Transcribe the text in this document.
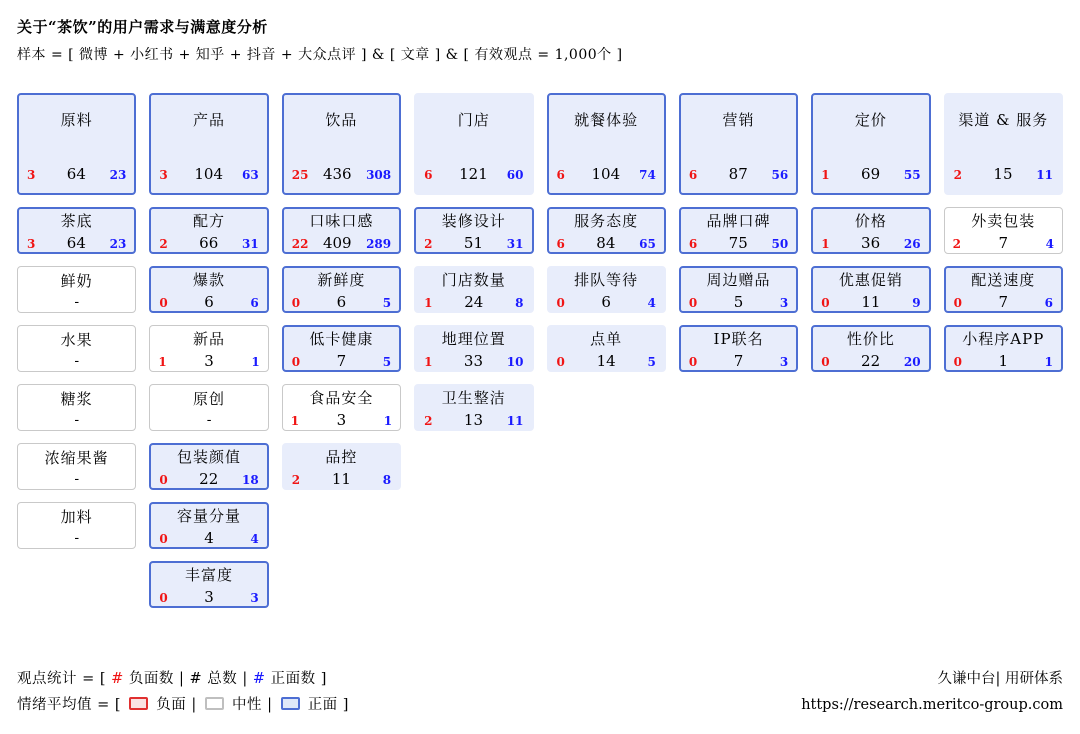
关于“茶饮”的用户需求与满意度分析
样本 = [ 微博 + 小红书 + 知乎 + 抖音 + 大众点评 ] & [ 文章 ] & [ 有效观点 = 1,000个 ]
原料
3	64 23
产品
3	104 63
饮品
25 436 308
门店
6	121 60
就餐体验
6	104 74
营销
6	87 56
定价
1	69 55
渠道 & 服务
2	15 11
茶底
3	64 23
配方
2	66 31
口味口感
22 409 289
装修设计
2	51 31
服务态度
6	84 65
品牌口碑
6	75 50
价格
1	36 26
外卖包装
2	7	4
鲜奶
-
爆款
0	6	6
新鲜度
0	6	5
门店数量
1	24	8
排队等待
0	6	4
周边赠品
0	5	3
优惠促销
0	11	9
配送速度
0	7	6
水果
-
新品
1	3	1
低卡健康
0	7	5
地理位置
1	33 10
点单
0	14	5
IP联名
0	7	3
性价比
0	22 20
小程序APP
0	1	1
糖浆
-
原创
-
食品安全
1	3	1
卫生整洁
2	13 11
浓缩果酱
-
包装颜值
0	22 18
品控
2	11	8
加料
-
容量分量
0	4	4
丰富度
0	3	3
观点统计 = [ # 负面数 | # 总数 | # 正面数 ]
情绪平均值 = [ 负面 | 中性 | 正面 ]
久谦中台| 用研体系
https://research.meritco-group.com
